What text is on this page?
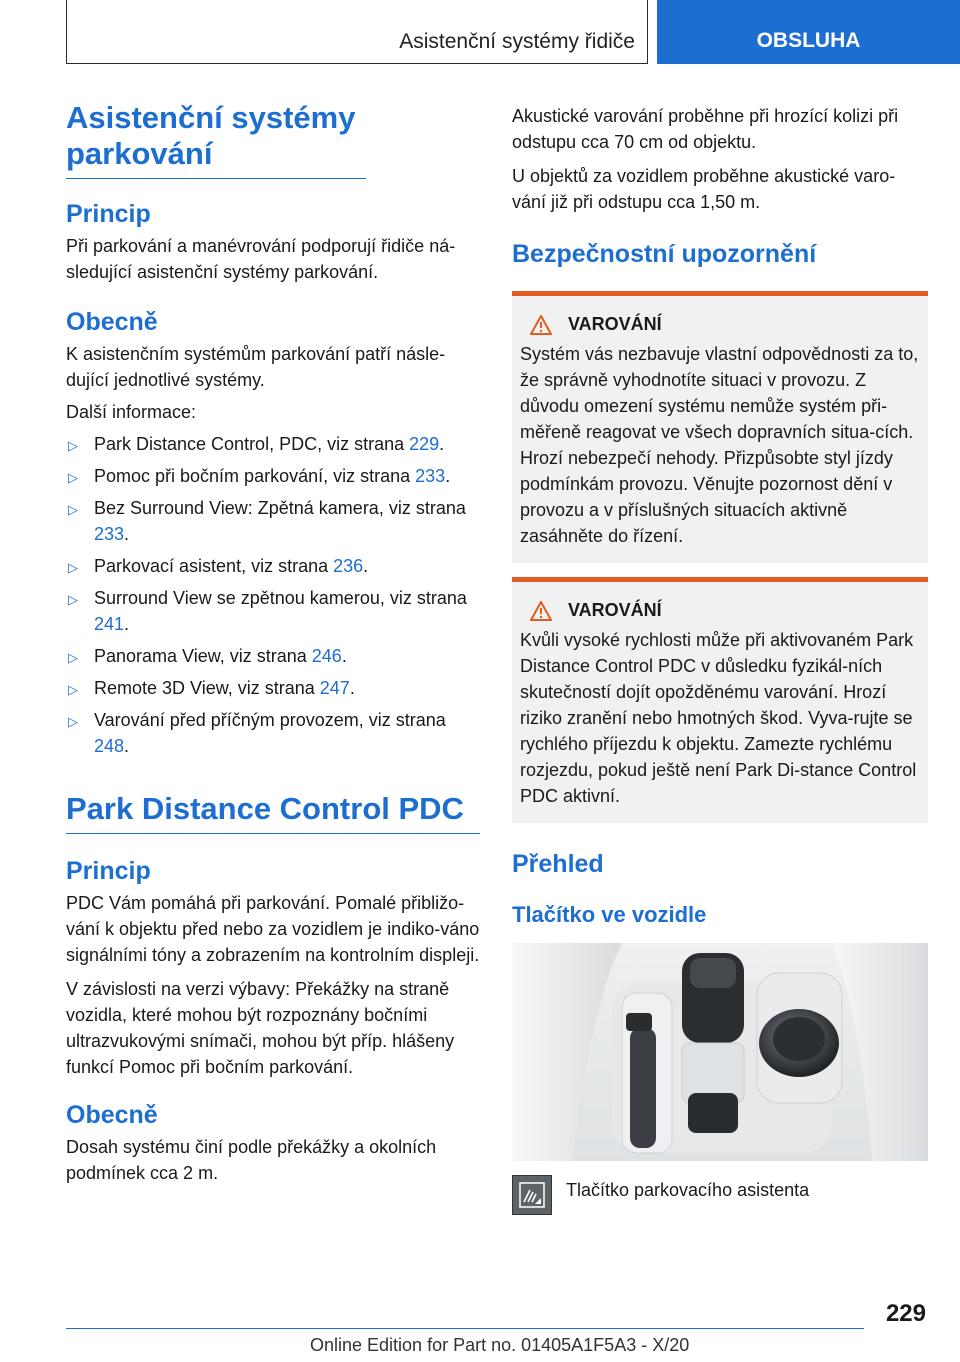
Asistenční systémy řidiče	OBSLUHA
Asistenční systémy parkování
Princip

Při parkování a manévrování podporují řidiče ná-sledující asistenční systémy parkování.

Obecně

K asistenčním systémům parkování patří násle-dující jednotlivé systémy.

Další informace:

▷ Park Distance Control, PDC, viz strana 229.
▷ Pomoc při bočním parkování, viz strana 233.
▷ Bez Surround View: Zpětná kamera, viz strana 233.
▷ Parkovací asistent, viz strana 236.
▷ Surround View se zpětnou kamerou, viz strana 241.
▷ Panorama View, viz strana 246.
▷ Remote 3D View, viz strana 247.
▷ Varování před příčným provozem, viz strana 248.
Park Distance Control PDC
Princip

PDC Vám pomáhá při parkování. Pomalé přibližo-vání k objektu před nebo za vozidlem je indiko-váno signálními tóny a zobrazením na kontrolním displeji.

V závislosti na verzi výbavy: Překážky na straně vozidla, které mohou být rozpoznány bočními ultrazvukovými snímači, mohou být příp. hlášeny funkcí Pomoc při bočním parkování.

Obecně

Dosah systému činí podle překážky a okolních podmínek cca 2 m.

Akustické varování proběhne při hrozící kolizi při odstupu cca 70 cm od objektu.

U objektů za vozidlem proběhne akustické varo-vání již při odstupu cca 1,50 m.

Bezpečnostní upozornění
VAROVÁNÍ

Systém vás nezbavuje vlastní odpovědnosti za to, že správně vyhodnotíte situaci v provozu. Z důvodu omezení systému nemůže systém při-měřeně reagovat ve všech dopravních situa-cích. Hrozí nebezpečí nehody. Přizpůsobte styl jízdy podmínkám provozu. Věnujte pozornost dění v provozu a v příslušných situacích aktivně zasáhněte do řízení.

VAROVÁNÍ

Kvůli vysoké rychlosti může při aktivovaném Park Distance Control PDC v důsledku fyzikál-ních skutečností dojít opožděnému varování. Hrozí riziko zranění nebo hmotných škod. Vyva-rujte se rychlého příjezdu k objektu. Zamezte rychlému rozjezdu, pokud ještě není Park Di-stance Control PDC aktivní.

Přehled
Tlačítko ve vozidle

Tlačítko parkovacího asistenta

229
Online Edition for Part no. 01405A1F5A3 - X/20
